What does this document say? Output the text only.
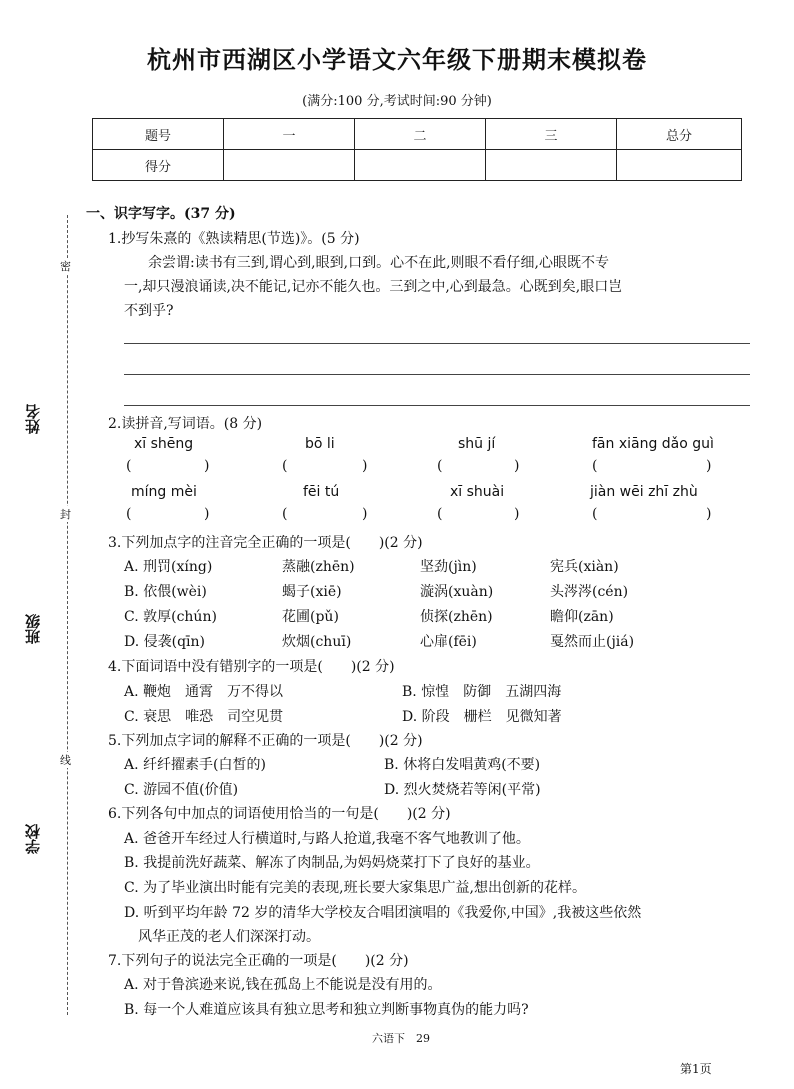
杭州市西湖区小学语文六年级下册期末模拟卷
(满分:100 分,考试时间:90 分钟)
题号	一	二	三	总分
得分				
密
封
线
姓名
班级
学校
一、识字写字。(37 分)
1.抄写朱熹的《熟读精思(节选)》。(5 分)
余尝谓:读书有三到,谓心到,眼到,口到。心不在此,则眼不看仔细,心眼既不专
一,却只漫浪诵读,决不能记,记亦不能久也。三到之中,心到最急。心既到矣,眼口岂
不到乎?
2.读拼音,写词语。(8 分)
xī shēng	bō li	shū jí	fān xiāng dǎo guì
(	)	(	)	(	)	(	)
míng mèi	fēi tú	xī shuài	jiàn wēi zhī zhù
(	)	(	)	(	)	(	)
3.下列加点字的注音完全正确的一项是(　　)(2 分)
A. 刑罚(xíng)	蒸融(zhēn)	坚劲(jìn)	宪兵(xiàn)
B. 依偎(wèi)	蝎子(xiē)	漩涡(xuàn)	头涔涔(cén)
C. 敦厚(chún)	花圃(pǔ)	侦探(zhēn)	瞻仰(zān)
D. 侵袭(qīn)	炊烟(chuī)	心扉(fēi)	戛然而止(jiá)
4.下面词语中没有错别字的一项是(　　)(2 分)
A. 鞭炮　通霄　万不得以	B. 惊惶　防御　五湖四海
C. 衰思　唯恐　司空见贯	D. 阶段　栅栏　见微知著
5.下列加点字词的解释不正确的一项是(　　)(2 分)
A. 纤纤擢素手(白皙的)	B. 休将白发唱黄鸡(不要)
C. 游园不值(价值)	D. 烈火焚烧若等闲(平常)
6.下列各句中加点的词语使用恰当的一句是(　　)(2 分)
A. 爸爸开车经过人行横道时,与路人抢道,我毫不客气地教训了他。
B. 我提前洗好蔬菜、解冻了肉制品,为妈妈烧菜打下了良好的基业。
C. 为了毕业演出时能有完美的表现,班长要大家集思广益,想出创新的花样。
D. 听到平均年龄 72 岁的清华大学校友合唱团演唱的《我爱你,中国》,我被这些依然
风华正茂的老人们深深打动。
7.下列句子的说法完全正确的一项是(　　)(2 分)
A. 对于鲁滨逊来说,钱在孤岛上不能说是没有用的。
B. 每一个人难道应该具有独立思考和独立判断事物真伪的能力吗?
六语下　29
第1页
